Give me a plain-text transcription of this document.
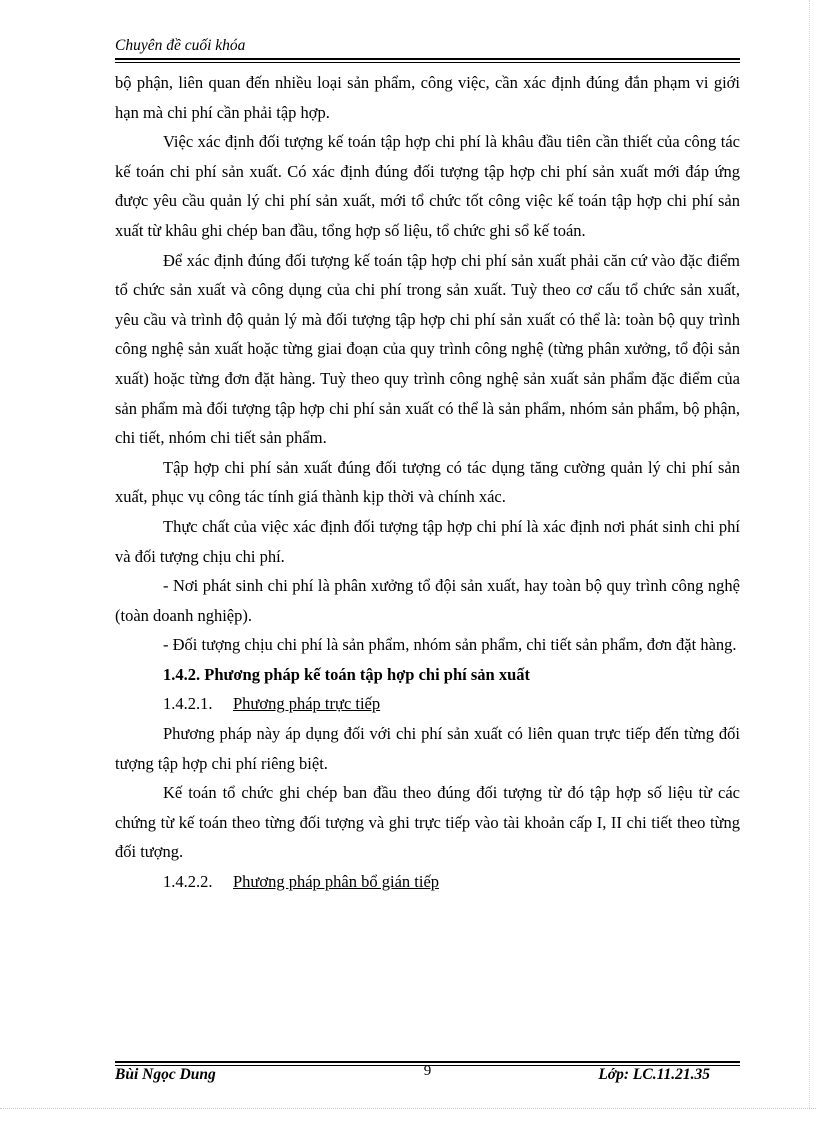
Chuyên đề cuối khóa

bộ phận, liên quan đến nhiều loại sản phẩm, công việc, cần xác định đúng đắn phạm vi giới hạn mà chi phí cần phải tập hợp.

Việc xác định đối tượng kế toán tập hợp chi phí là khâu đầu tiên cần thiết của công tác kế toán chi phí sản xuất. Có xác định đúng đối tượng tập hợp chi phí sản xuất mới đáp ứng được yêu cầu quản lý chi phí sản xuất, mới tổ chức tốt công việc kế toán tập hợp chi phí sản xuất từ khâu ghi chép ban đầu, tổng hợp số liệu, tổ chức ghi sổ kế toán.

Để xác định đúng đối tượng kế toán tập hợp chi phí sản xuất phải căn cứ vào đặc điểm tổ chức sản xuất và công dụng của chi phí trong sản xuất. Tuỳ theo cơ cấu tổ chức sản xuất, yêu cầu và trình độ quản lý mà đối tượng tập hợp chi phí sản xuất có thể là: toàn bộ quy trình công nghệ sản xuất hoặc từng giai đoạn của quy trình công nghệ (từng phân xưởng, tổ đội sản xuất) hoặc từng đơn đặt hàng. Tuỳ theo quy trình công nghệ sản xuất sản phẩm đặc điểm của sản phẩm mà đối tượng tập hợp chi phí sản xuất có thể là sản phẩm, nhóm sản phẩm, bộ phận, chi tiết, nhóm chi tiết sản phẩm.

Tập hợp chi phí sản xuất đúng đối tượng có tác dụng tăng cường quản lý chi phí sản xuất, phục vụ công tác tính giá thành kịp thời và chính xác.

Thực chất của việc xác định đối tượng tập hợp chi phí là xác định nơi phát sinh chi phí và đối tượng chịu chi phí.

- Nơi phát sinh chi phí là phân xưởng tổ đội sản xuất, hay toàn bộ quy trình công nghệ (toàn doanh nghiệp).

- Đối tượng chịu chi phí là sản phẩm, nhóm sản phẩm, chi tiết sản phẩm, đơn đặt hàng.

1.4.2. Phương pháp kế toán tập hợp chi phí sản xuất

1.4.2.1. Phương pháp trực tiếp

Phương pháp này áp dụng đối với chi phí sản xuất có liên quan trực tiếp đến từng đối tượng tập hợp chi phí riêng biệt.

Kế toán tổ chức ghi chép ban đầu theo đúng đối tượng từ đó tập hợp số liệu từ các chứng từ kế toán theo từng đối tượng và ghi trực tiếp vào tài khoản cấp I, II chi tiết theo từng đối tượng.

1.4.2.2. Phương pháp phân bổ gián tiếp

Bùi Ngọc Dung	9	Lớp: LC.11.21.35
